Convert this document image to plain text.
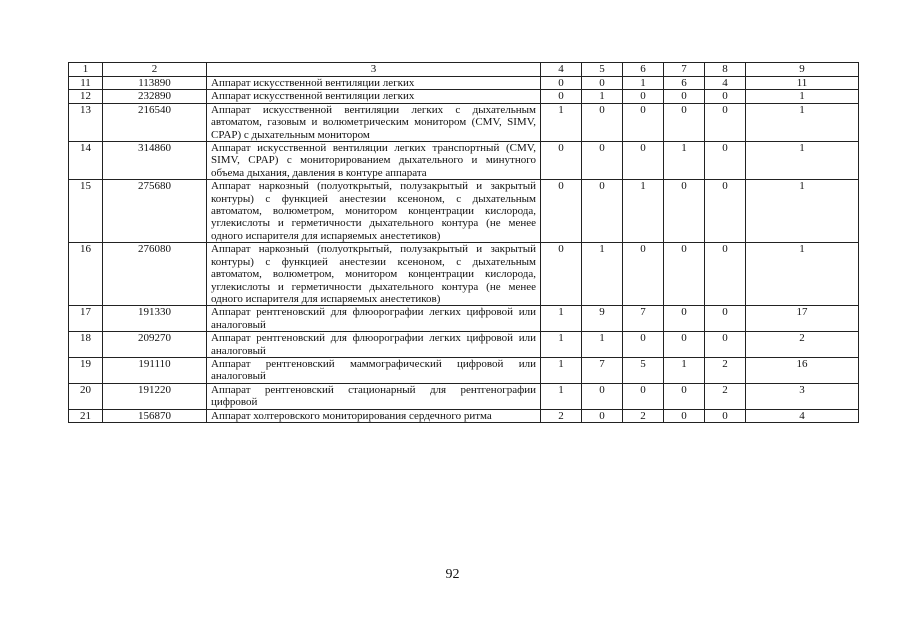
1	2	3	4	5	6	7	8	9
11	113890	Аппарат искусственной вентиляции легких	0	0	1	6	4	11
12	232890	Аппарат искусственной вентиляции легких	0	1	0	0	0	1
13	216540	Аппарат искусственной вентиляции легких с дыхательным автоматом, газовым и волюметрическим монитором (CMV, SIMV, CPAP) с дыхательным монитором	1	0	0	0	0	1
14	314860	Аппарат искусственной вентиляции легких транспортный (CMV, SIMV, CPAP) с мониторированием дыхательного и минутного объема дыхания, давления в контуре аппарата	0	0	0	1	0	1
15	275680	Аппарат наркозный (полуоткрытый, полузакрытый и закрытый контуры) с функцией анестезии ксеноном, с дыхательным автоматом, волюметром, монитором концентрации кислорода, углекислоты и герметичности дыхательного контура (не менее одного испарителя для испаряемых анестетиков)	0	0	1	0	0	1
16	276080	Аппарат наркозный (полуоткрытый, полузакрытый и закрытый контуры) с функцией анестезии ксеноном, с дыхательным автоматом, волюметром, монитором концентрации кислорода, углекислоты и герметичности дыхательного контура (не менее одного испарителя для испаряемых анестетиков)	0	1	0	0	0	1
17	191330	Аппарат рентгеновский для флюорографии легких цифровой или аналоговый	1	9	7	0	0	17
18	209270	Аппарат рентгеновский для флюорографии легких цифровой или аналоговый	1	1	0	0	0	2
19	191110	Аппарат рентгеновский маммографический цифровой или аналоговый	1	7	5	1	2	16
20	191220	Аппарат рентгеновский стационарный для рентгенографии цифровой	1	0	0	0	2	3
21	156870	Аппарат холтеровского мониторирования сердечного ритма	2	0	2	0	0	4
92
